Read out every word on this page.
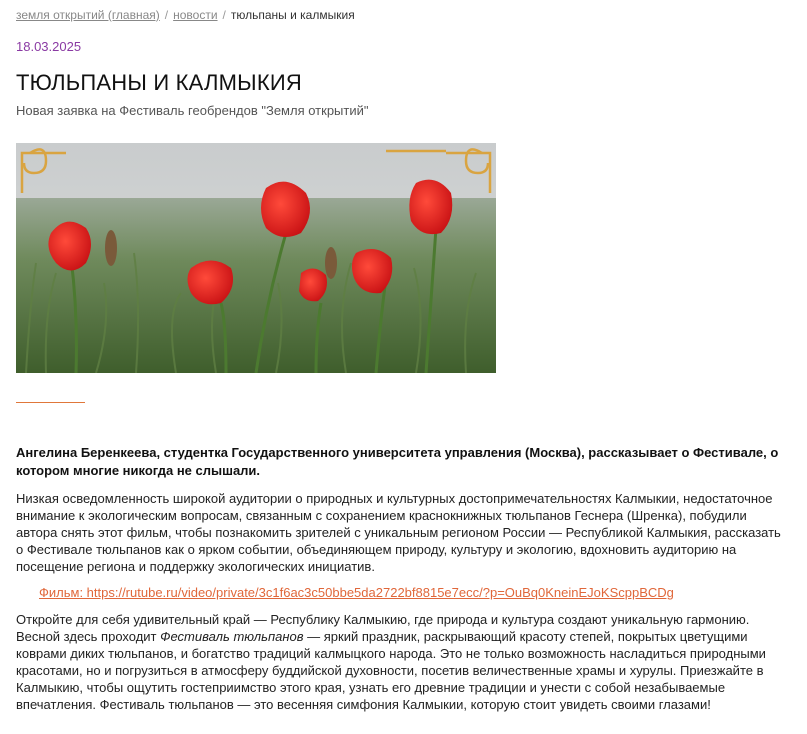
земля открытий (главная) / новости / тюльпаны и калмыкия
18.03.2025
ТЮЛЬПАНЫ И КАЛМЫКИЯ
Новая заявка на Фестиваль геобрендов "Земля открытий"

Ангелина Беренкеева, студентка Государственного университета управления (Москва), рассказывает о Фестивале, о котором многие никогда не слышали.

Низкая осведомленность широкой аудитории о природных и культурных достопримечательностях Калмыкии, недостаточное внимание к экологическим вопросам, связанным с сохранением краснокнижных тюльпанов Геснера (Шренка), побудили автора снять этот фильм, чтобы познакомить зрителей с уникальным регионом России — Республикой Калмыкия, рассказать о Фестивале тюльпанов как о ярком событии, объединяющем природу, культуру и экологию, вдохновить аудиторию на посещение региона и поддержку экологических инициатив.

Фильм: https://rutube.ru/video/private/3c1f6ac3c50bbe5da2722bf8815e7ecc/?p=OuBq0KneinEJoKScppBCDg

Откройте для себя удивительный край — Республику Калмыкию, где природа и культура создают уникальную гармонию. Весной здесь проходит Фестиваль тюльпанов — яркий праздник, раскрывающий красоту степей, покрытых цветущими коврами диких тюльпанов, и богатство традиций калмыцкого народа. Это не только возможность насладиться природными красотами, но и погрузиться в атмосферу буддийской духовности, посетив величественные храмы и хурулы. Приезжайте в Калмыкию, чтобы ощутить гостеприимство этого края, узнать его древние традиции и унести с собой незабываемые впечатления. Фестиваль тюльпанов — это весенняя симфония Калмыкии, которую стоит увидеть своими глазами!
